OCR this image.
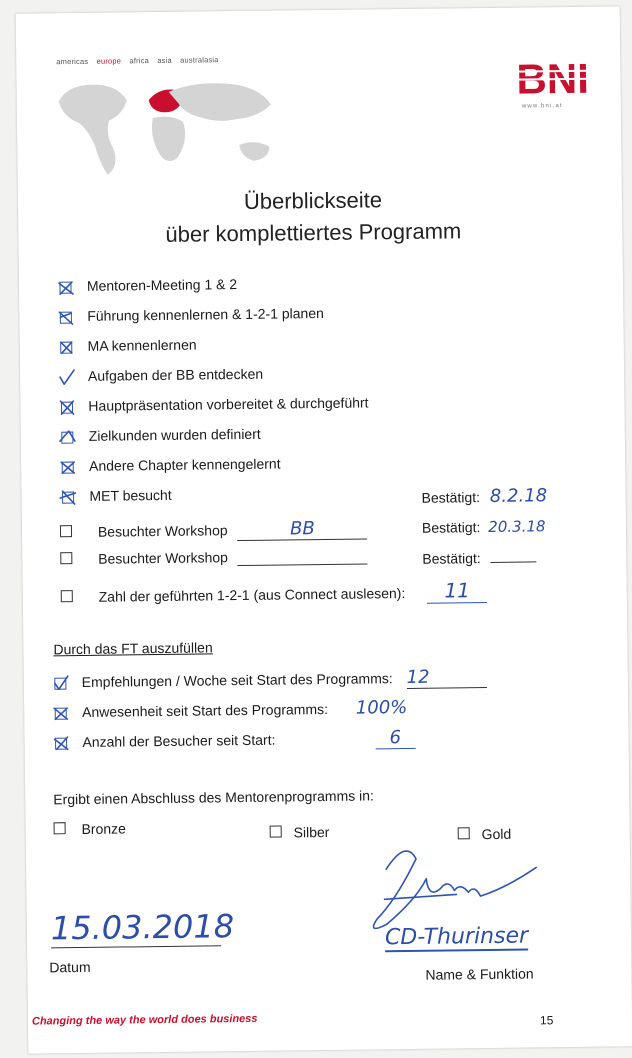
americas europe africa asia australasia	BNI
www.bni.at
Überblickseite
über komplettiertes Programm
Mentoren-Meeting 1 & 2
Führung kennenlernen & 1-2-1 planen
MA kennenlernen
Aufgaben der BB entdecken
Hauptpräsentation vorbereitet & durchgeführt
Zielkunden wurden definiert
Andere Chapter kennengelernt
MET besucht	Bestätigt: 8.2.18
Besuchter Workshop	BB	Bestätigt: 20.3.18
Besuchter Workshop	Bestätigt:
Zahl der geführten 1-2-1 (aus Connect auslesen): 11
Durch das FT auszufüllen
Empfehlungen / Woche seit Start des Programms: 12
Anwesenheit seit Start des Programms: 100%
Anzahl der Besucher seit Start:	6
Ergibt einen Abschluss des Mentorenprogramms in:
Bronze	Silber	Gold
15.03.2018
Datum
CD-Thurinser
Name & Funktion
Changing the way the world does business	15
